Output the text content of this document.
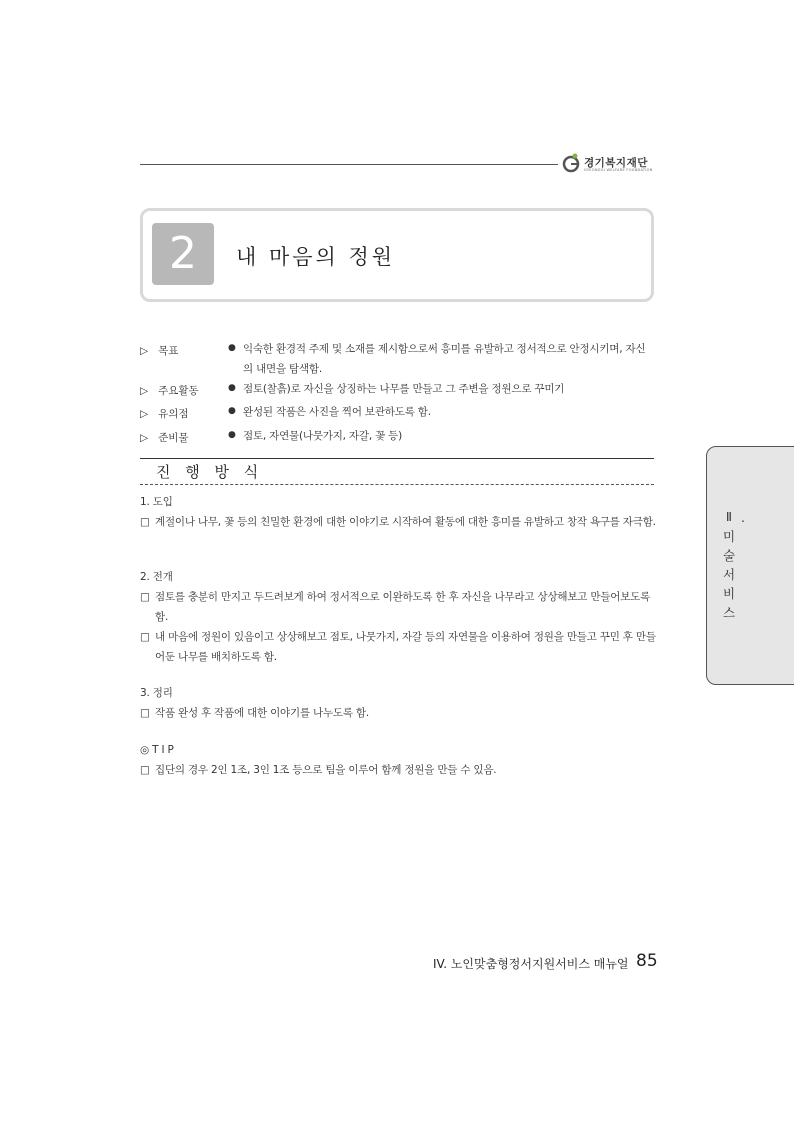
경기복지재단
GYEONGGI WELFARE FOUNDATION
2	내 마음의 정원
▷ 목표	● 익숙한 환경적 주제 및 소재를 제시함으로써 흥미를 유발하고 정서적으로 안정시키며, 자신의 내면을 탐색함.
▷ 주요활동	● 점토(찰흙)로 자신을 상징하는 나무를 만들고 그 주변을 정원으로 꾸미기
▷ 유의점	● 완성된 작품은 사진을 찍어 보관하도록 함.
▷ 준비물	● 점토, 자연물(나뭇가지, 자갈, 꽃 등)
진 행 방 식
1. 도입
□ 계절이나 나무, 꽃 등의 친밀한 환경에 대한 이야기로 시작하여 활동에 대한 흥미를 유발하고 창작 욕구를 자극함.
2. 전개
□ 점토를 충분히 만지고 두드려보게 하여 정서적으로 이완하도록 한 후 자신을 나무라고 상상해보고 만들어보도록 함.
□ 내 마음에 정원이 있음이고 상상해보고 점토, 나뭇가지, 자갈 등의 자연물을 이용하여 정원을 만들고 꾸민 후 만들어둔 나무를 배치하도록 함.
3. 정리
□ 작품 완성 후 작품에 대한 이야기를 나누도록 함.
◎ T I P
□ 집단의 경우 2인 1조, 3인 1조 등으로 팀을 이루어 함께 정원을 만들 수 있음.
Ⅱ .
미
술
서
비
스
IV. 노인맞춤형정서지원서비스 매뉴얼 85
